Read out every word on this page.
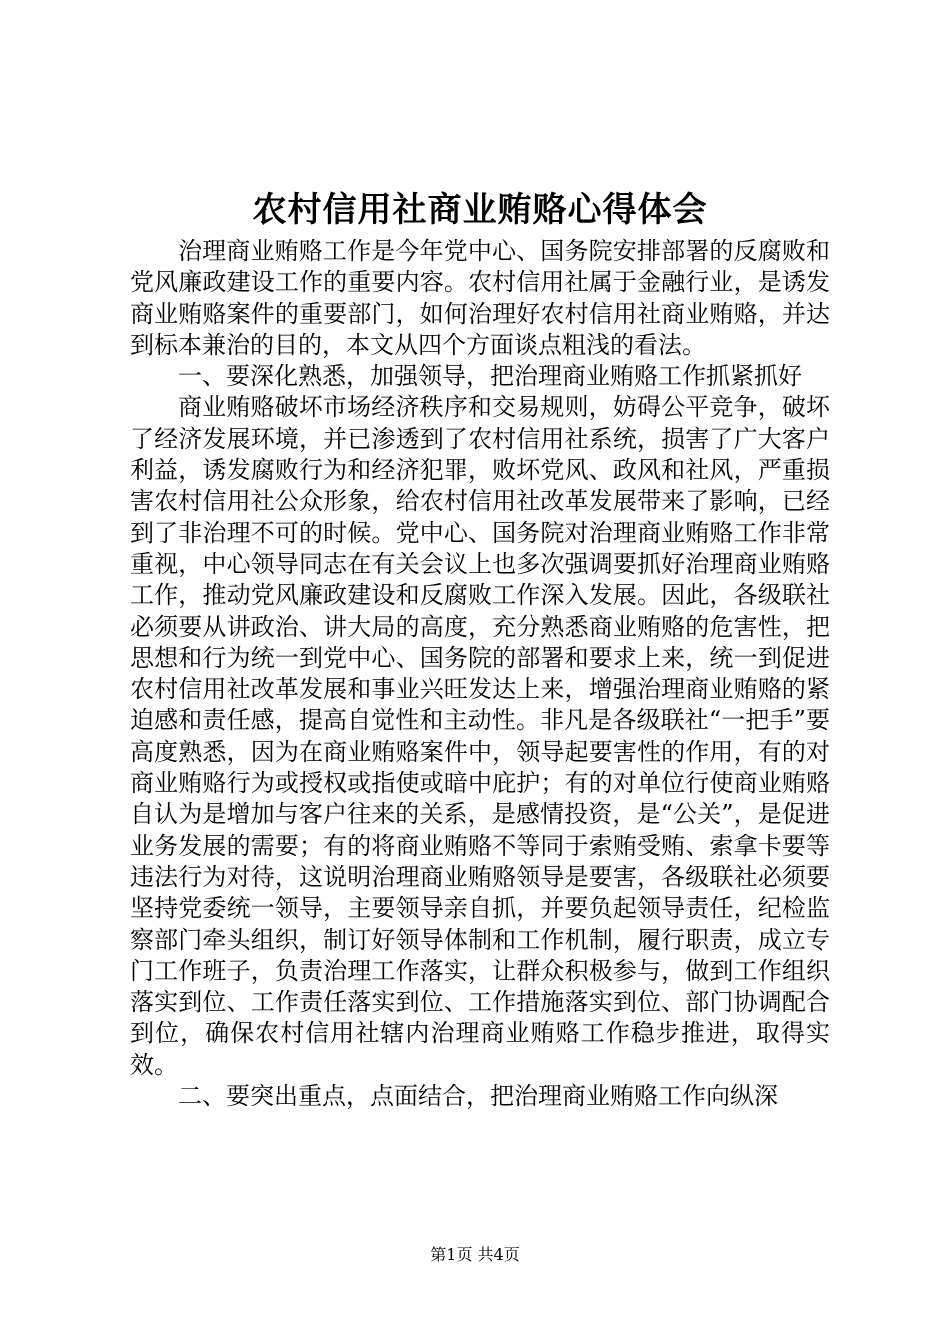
农村信用社商业贿赂心得体会

治理商业贿赂工作是今年党中心、国务院安排部署的反腐败和党风廉政建设工作的重要内容。农村信用社属于金融行业，是诱发商业贿赂案件的重要部门，如何治理好农村信用社商业贿赂，并达到标本兼治的目的，本文从四个方面谈点粗浅的看法。

一、要深化熟悉，加强领导，把治理商业贿赂工作抓紧抓好

商业贿赂破坏市场经济秩序和交易规则，妨碍公平竞争，破坏了经济发展环境，并已渗透到了农村信用社系统，损害了广大客户利益，诱发腐败行为和经济犯罪，败坏党风、政风和社风，严重损害农村信用社公众形象，给农村信用社改革发展带来了影响，已经到了非治理不可的时候。党中心、国务院对治理商业贿赂工作非常重视，中心领导同志在有关会议上也多次强调要抓好治理商业贿赂工作，推动党风廉政建设和反腐败工作深入发展。因此，各级联社必须要从讲政治、讲大局的高度，充分熟悉商业贿赂的危害性，把思想和行为统一到党中心、国务院的部署和要求上来，统一到促进农村信用社改革发展和事业兴旺发达上来，增强治理商业贿赂的紧迫感和责任感，提高自觉性和主动性。非凡是各级联社“一把手”要高度熟悉，因为在商业贿赂案件中，领导起要害性的作用，有的对商业贿赂行为或授权或指使或暗中庇护；有的对单位行使商业贿赂自认为是增加与客户往来的关系，是感情投资，是“公关”，是促进业务发展的需要；有的将商业贿赂不等同于索贿受贿、索拿卡要等违法行为对待，这说明治理商业贿赂领导是要害，各级联社必须要坚持党委统一领导，主要领导亲自抓，并要负起领导责任，纪检监察部门牵头组织，制订好领导体制和工作机制，履行职责，成立专门工作班子，负责治理工作落实，让群众积极参与，做到工作组织落实到位、工作责任落实到位、工作措施落实到位、部门协调配合到位，确保农村信用社辖内治理商业贿赂工作稳步推进，取得实效。

二、要突出重点，点面结合，把治理商业贿赂工作向纵深

第1页 共4页
